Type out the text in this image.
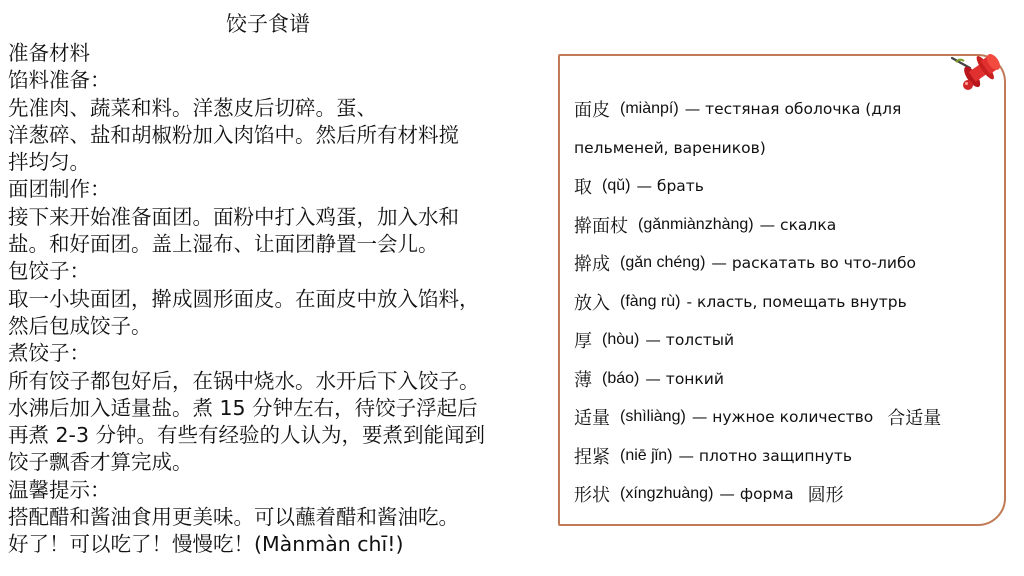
饺子食谱
准备材料
馅料准备：
先准肉、蔬菜和料。洋葱皮后切碎。蛋、
洋葱碎、盐和胡椒粉加入肉馅中。然后所有材料搅
拌均匀。
面团制作：
接下来开始准备面团。面粉中打入鸡蛋，加入水和
盐。和好面团。盖上湿布、让面团静置一会儿。
包饺子：
取一小块面团，擀成圆形面皮。在面皮中放入馅料，
然后包成饺子。
煮饺子：
所有饺子都包好后，在锅中烧水。水开后下入饺子。
水沸后加入适量盐。煮 15 分钟左右，待饺子浮起后
再煮 2-3 分钟。有些有经验的人认为，要煮到能闻到
饺子飘香才算完成。
温馨提示：
搭配醋和酱油食用更美味。可以蘸着醋和酱油吃。
好了！可以吃了！慢慢吃！(Mànmàn chī!)
面皮 (miànpí) — тестяная оболочка (для
пельменей, вареников)
取 (qǔ) — брать
擀面杖 (gǎnmiànzhàng) — скалка
擀成 (gǎn chéng) — раскатать во что-либо
放入 (fàng rù) - класть, помещать внутрь
厚 (hòu) — толстый
薄 (báo) — тонкий
适量 (shìliàng) — нужное количество 合适量
捏紧 (niē jǐn) — плотно защипнуть
形状 (xíngzhuàng) — форма 圆形
